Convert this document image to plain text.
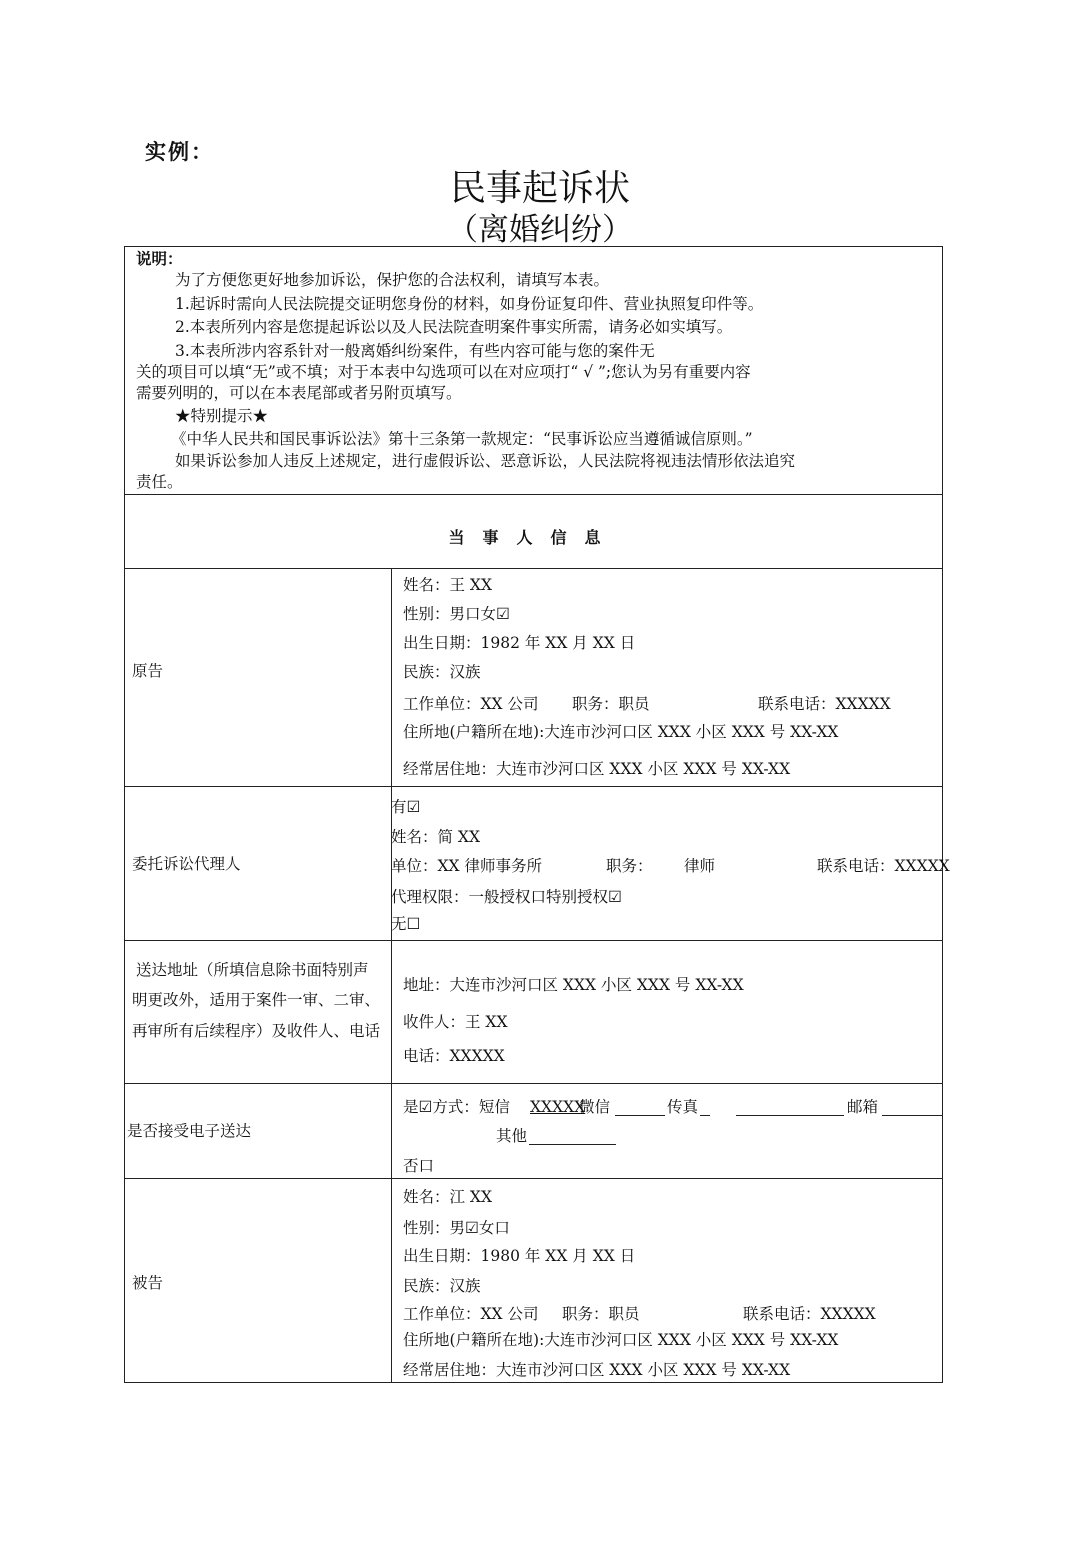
实例：
民事起诉状
（离婚纠纷）
说明：
为了方便您更好地参加诉讼，保护您的合法权利，请填写本表。
1.起诉时需向人民法院提交证明您身份的材料，如身份证复印件、营业执照复印件等。
2.本表所列内容是您提起诉讼以及人民法院查明案件事实所需，请务必如实填写。
3.本表所涉内容系针对一般离婚纠纷案件，有些内容可能与您的案件无
关的项目可以填“无”或不填；对于本表中勾选项可以在对应项打“ √ ”;您认为另有重要内容
需要列明的，可以在本表尾部或者另附页填写。
★特别提示★
《中华人民共和国民事诉讼法》第十三条第一款规定：“民事诉讼应当遵循诚信原则。”
如果诉讼参加人违反上述规定，进行虚假诉讼、恶意诉讼，人民法院将视违法情形依法追究
责任。
当事人信息
原告
姓名：王 XX
性别：男口女☑
出生日期：1982 年 XX 月 XX 日
民族：汉族
工作单位：XX 公司 职务：职员	联系电话：XXXXX
住所地(户籍所在地):大连市沙河口区 XXX 小区 XXX 号 XX-XX
经常居住地：大连市沙河口区 XXX 小区 XXX 号 XX-XX
委托诉讼代理人
有☑
姓名：简 XX
单位：XX 律师事务所	职务： 律师	联系电话：XXXXX
代理权限：一般授权口特别授权☑
无☐
送达地址（所填信息除书面特别声
明更改外，适用于案件一审、二审、
再审所有后续程序）及收件人、电话
地址：大连市沙河口区 XXX 小区 XXX 号 XX-XX
收件人：王 XX
电话：XXXXX
是否接受电子送达
是☑方式：短信 XXXXX
微信	传真	邮箱
其他
否口
被告
姓名：江 XX
性别：男☑女口
出生日期：1980 年 XX 月 XX 日
民族：汉族
工作单位：XX 公司 职务：职员	联系电话：XXXXX
住所地(户籍所在地):大连市沙河口区 XXX 小区 XXX 号 XX-XX
经常居住地：大连市沙河口区 XXX 小区 XXX 号 XX-XX
